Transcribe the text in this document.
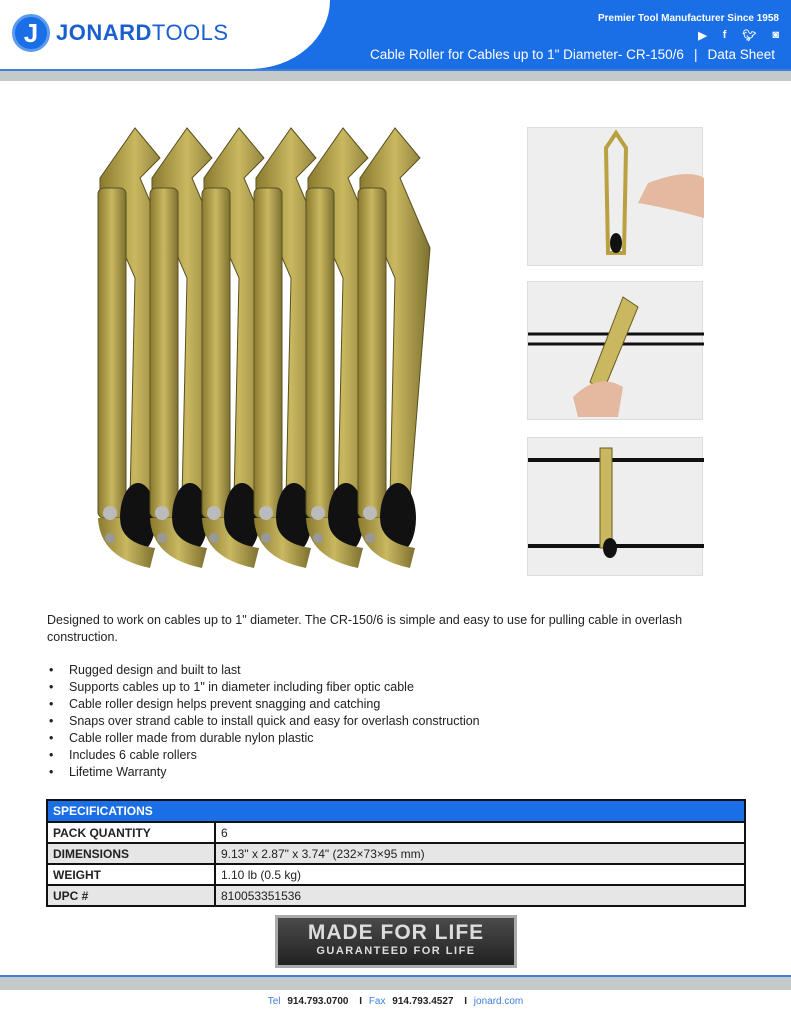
J JONARDTOOLS
Premier Tool Manufacturer Since 1958
▶ f 🐦︎ ◙
Cable Roller for Cables up to 1" Diameter- CR-150/6 | Data Sheet

Designed to work on cables up to 1" diameter. The CR-150/6 is simple and easy to use for pulling cable in overlash construction.

• Rugged design and built to last
• Supports cables up to 1" in diameter including fiber optic cable
• Cable roller design helps prevent snagging and catching
• Snaps over strand cable to install quick and easy for overlash construction
• Cable roller made from durable nylon plastic
• Includes 6 cable rollers
• Lifetime Warranty
SPECIFICATIONS	
PACK QUANTITY	6
DIMENSIONS	9.13" x 2.87" x 3.74" (232×73×95 mm)
WEIGHT	1.10 lb (0.5 kg)
UPC #	810053351536
MADE FOR LIFE
GUARANTEED FOR LIFE
Tel 914.793.0700 I Fax 914.793.4527 I jonard.com
